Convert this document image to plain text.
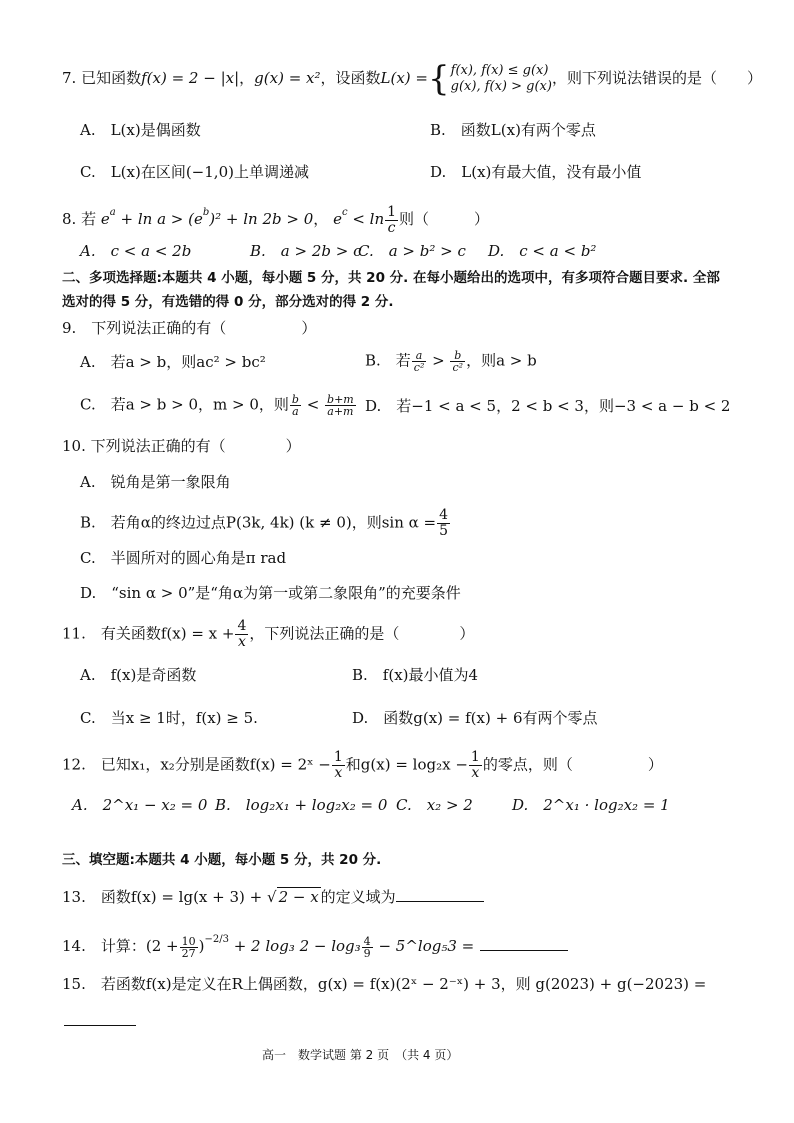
7. 已知函数f(x) = 2 − |x|，g(x) = x²，设函数L(x) ={ f(x), f(x) ≤ g(x)
g(x), f(x) > g(x) ，则下列说法错误的是（　　）
A.　L(x)是偶函数	B.　函数L(x)有两个零点
C.　L(x)在区间(−1,0)上单调递减	D.　L(x)有最大值，没有最小值
8. 若 $e^a + \ln a > (e^b)^2 + \ln 2b > 0$， $e^c < \ln \frac{1}{c}$ 则（　　　）
A.　c < a < 2b	B.　a > 2b > c
C.　a > b² > c D.　c < a < b²
二、多项选择题:本题共 4 小题，每小题 5 分，共 20 分. 在每小题给出的选项中，有多项符合题目要求. 全部
选对的得 5 分，有选错的得 0 分，部分选对的得 2 分.
9.　下列说法正确的有（　　　　　）
A.　若a > b，则ac² > bc²	B.　若 $\frac{a}{\text{c²}} > \frac{b}{\text{c²}}$ ，则a > b
C.　若a > b > 0，m > 0，则 $\frac{b}{a} < \frac{b+m}{a+m} D$.　若−1 < a < 5，2 < b < 3，则−3 < a − b < 2
10. 下列说法正确的有（　　　　）
A.　锐角是第一象限角
B.　若角α的终边过点P(3k, 4k) (k ≠ 0)，则$\sin \alpha = \frac{4}{5}$
C.　半圆所对的圆心角是π rad
D.　“sin α > 0”是“角α为第一或第二象限角”的充要条件
11.　有关函数$f(x) = x + \frac{4}{x}$ ，下列说法正确的是（　　　　）
A.　f(x)是奇函数	B.　f(x)最小值为4
C.　当x ≥ 1时，f(x) ≥ 5.	D.　函数g(x) = f(x) + 6有两个零点
12.　已知x₁，x₂分别是函数f(x) = 2ˣ − $\frac{1}{x}$ 和$g(x) = \log_2x - \frac{1}{x}$ 的零点，则（　　　　　）
A.　2^x₁ − x₂ = 0 B.　log₂x₁ + log₂x₂ = 0 C.　x₂ > 2	D.　2^x₁ · log₂x₂ = 1
三、填空题:本题共 4 小题，每小题 5 分，共 20 分.
13.　函数f(x) = lg(x + 3) + √ 2 − x 的定义域为
14.　计算：$(2 + \frac{10}{27} )^{-2/3} + 2$ log₃ $2 - \log_3 \frac{4}{9}$ − 5^log₅3 =
15.　若函数f(x)是定义在R上偶函数，g(x) = f(x)(2ˣ − 2⁻ˣ) + 3，则 g(2023) + g(−2023) =
高一　数学试题 第 2 页　（共 4 页）
